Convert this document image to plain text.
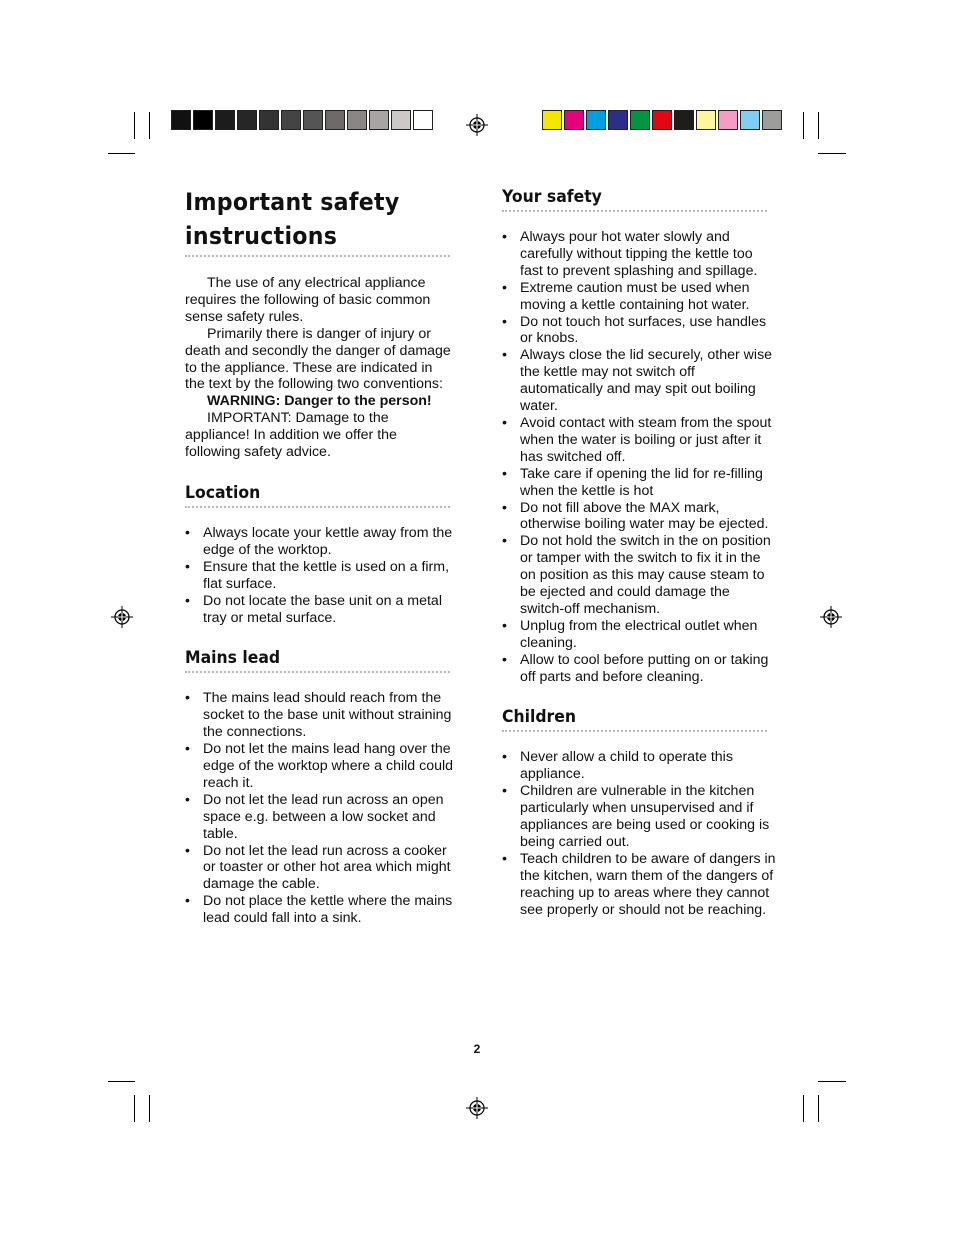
Important safety
instructions

The use of any electrical appliance requires the following of basic common sense safety rules.

Primarily there is danger of injury or death and secondly the danger of damage to the appliance. These are indicated in the text by the following two conventions:

WARNING: Danger to the person!

IMPORTANT: Damage to the appliance! In addition we offer the following safety advice.

Location
• Always locate your kettle away from the edge of the worktop.
• Ensure that the kettle is used on a firm, flat surface.
• Do not locate the base unit on a metal tray or metal surface.
Mains lead
• The mains lead should reach from the socket to the base unit without straining the connections.
• Do not let the mains lead hang over the edge of the worktop where a child could reach it.
• Do not let the lead run across an open space e.g. between a low socket and table.
• Do not let the lead run across a cooker or toaster or other hot area which might damage the cable.
• Do not place the kettle where the mains lead could fall into a sink.
Your safety
• Always pour hot water slowly and carefully without tipping the kettle too fast to prevent splashing and spillage.
• Extreme caution must be used when moving a kettle containing hot water.
• Do not touch hot surfaces, use handles or knobs.
• Always close the lid securely, other wise the kettle may not switch off automatically and may spit out boiling water.
• Avoid contact with steam from the spout when the water is boiling or just after it has switched off.
• Take care if opening the lid for re-filling when the kettle is hot
• Do not fill above the MAX mark, otherwise boiling water may be ejected.
• Do not hold the switch in the on position or tamper with the switch to fix it in the on position as this may cause steam to be ejected and could damage the switch-off mechanism.
• Unplug from the electrical outlet when cleaning.
• Allow to cool before putting on or taking off parts and before cleaning.
Children
• Never allow a child to operate this appliance.
• Children are vulnerable in the kitchen particularly when unsupervised and if appliances are being used or cooking is being carried out.
• Teach children to be aware of dangers in the kitchen, warn them of the dangers of reaching up to areas where they cannot see properly or should not be reaching.
2
